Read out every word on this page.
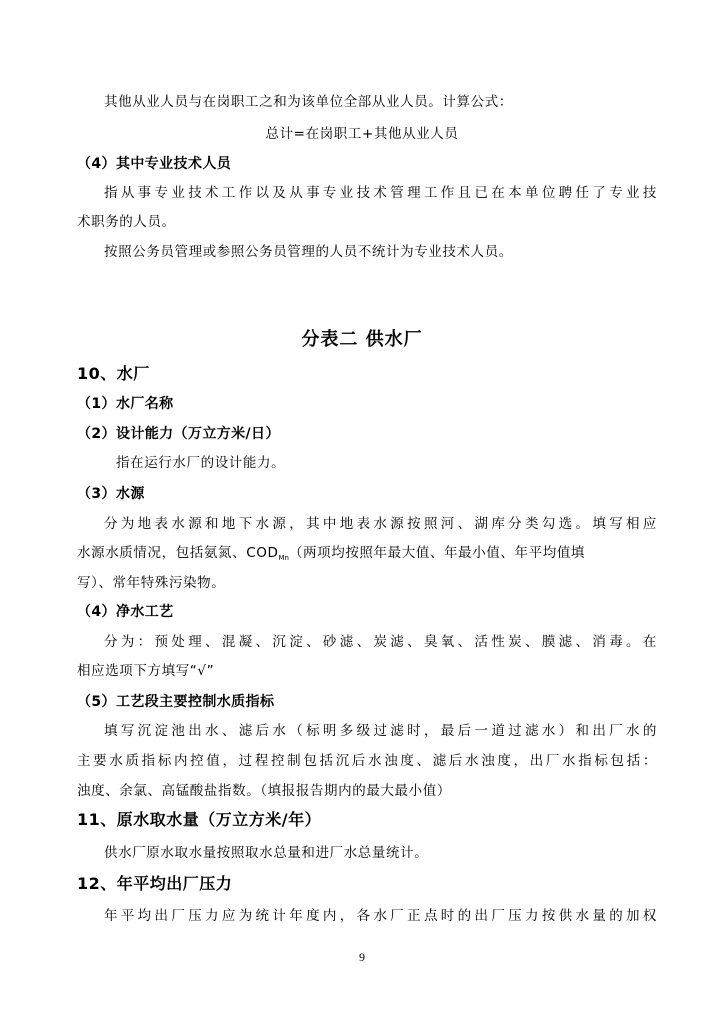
其他从业人员与在岗职工之和为该单位全部从业人员。计算公式：
总计=在岗职工+其他从业人员
（4）其中专业技术人员
指从事专业技术工作以及从事专业技术管理工作且已在本单位聘任了专业技
术职务的人员。
按照公务员管理或参照公务员管理的人员不统计为专业技术人员。
分表二 供水厂
10、水厂
（1）水厂名称
（2）设计能力（万立方米/日）
指在运行水厂的设计能力。
（3）水源
分为地表水源和地下水源，其中地表水源按照河、湖库分类勾选。填写相应
水源水质情况，包括氨氮、$COD_{Mn}$（两项均按照年最大值、年最小值、年平均值填
写）、常年特殊污染物。
（4）净水工艺
分为：预处理、混凝、沉淀、砂滤、炭滤、臭氧、活性炭、膜滤、消毒。在
相应选项下方填写“√”
（5）工艺段主要控制水质指标
填写沉淀池出水、滤后水（标明多级过滤时，最后一道过滤水）和出厂水的
主要水质指标内控值，过程控制包括沉后水浊度、滤后水浊度，出厂水指标包括：
浊度、余氯、高锰酸盐指数。（填报报告期内的最大最小值）
11、原水取水量（万立方米/年）
供水厂原水取水量按照取水总量和进厂水总量统计。
12、年平均出厂压力
年平均出厂压力应为统计年度内，各水厂正点时的出厂压力按供水量的加权
9
